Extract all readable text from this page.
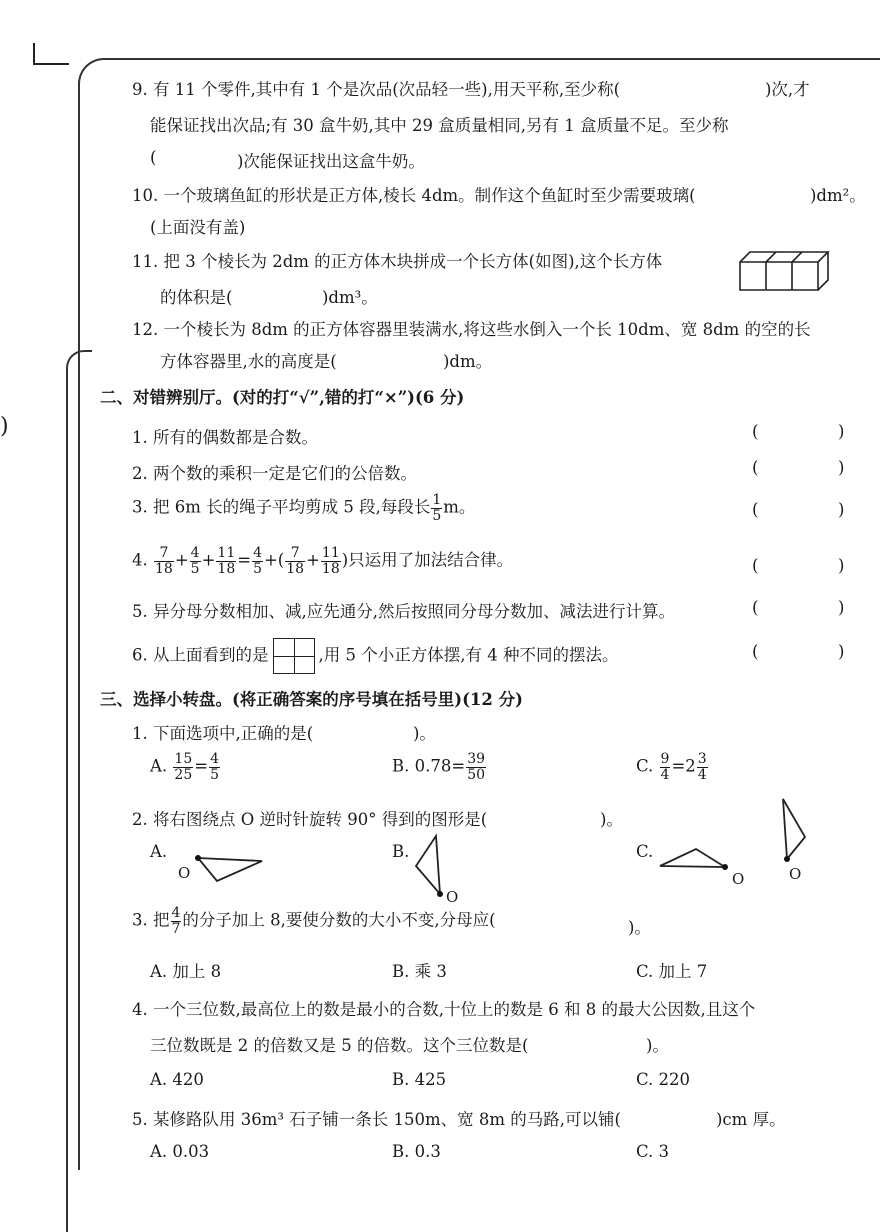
)
9. 有 11 个零件,其中有 1 个是次品(次品轻一些),用天平称,至少称(	)次,才
能保证找出次品;有 30 盒牛奶,其中 29 盒质量相同,另有 1 盒质量不足。至少称
(	)次能保证找出这盒牛奶。
10. 一个玻璃鱼缸的形状是正方体,棱长 4dm。制作这个鱼缸时至少需要玻璃(	)dm²。
(上面没有盖)
11. 把 3 个棱长为 2dm 的正方体木块拼成一个长方体(如图),这个长方体
的体积是(	)dm³。
12. 一个棱长为 8dm 的正方体容器里装满水,将这些水倒入一个长 10dm、宽 8dm 的空的长
方体容器里,水的高度是(	)dm。
二、对错辨别厅。(对的打“√”,错的打“×”)(6 分)
1. 所有的偶数都是合数。	(	)
2. 两个数的乘积一定是它们的公倍数。	(	)
3. 把 6m 长的绳子平均剪成 5 段,每段长 $\frac{1}{5}$ m。	(	)
4. $\frac{7}{18} + \frac{4}{5} + \frac{11}{18} = \frac{4}{5}$ +( $\frac{7}{18} + \frac{11}{18}$ )只运用了加法结合律。	(	)
5. 异分母分数相加、减,应先通分,然后按照同分母分数加、减法进行计算。	(	)
6. 从上面看到的是	,用 5 个小正方体摆,有 4 种不同的摆法。	(	)
三、选择小转盘。(将正确答案的序号填在括号里)(12 分)
1. 下面选项中,正确的是(	)。
A. $\frac{15}{25} = \frac{4}{5}$	B. $0.78= \frac{39}{50}$	C. $\frac{9}{4} =2 \frac{3}{4}$
2. 将右图绕点 O 逆时针旋转 90° 得到的图形是(	)。
A.
O
B.
O
C.
O	O
3. 把 $\frac{4}{7}$ 的分子加上 8,要使分数的大小不变,分母应(	)。
A. 加上 8	B. 乘 3	C. 加上 7
4. 一个三位数,最高位上的数是最小的合数,十位上的数是 6 和 8 的最大公因数,且这个
三位数既是 2 的倍数又是 5 的倍数。这个三位数是(	)。
A. 420	B. 425	C. 220
5. 某修路队用 36m³ 石子铺一条长 150m、宽 8m 的马路,可以铺(	)cm 厚。
A. 0.03	B. 0.3	C. 3
